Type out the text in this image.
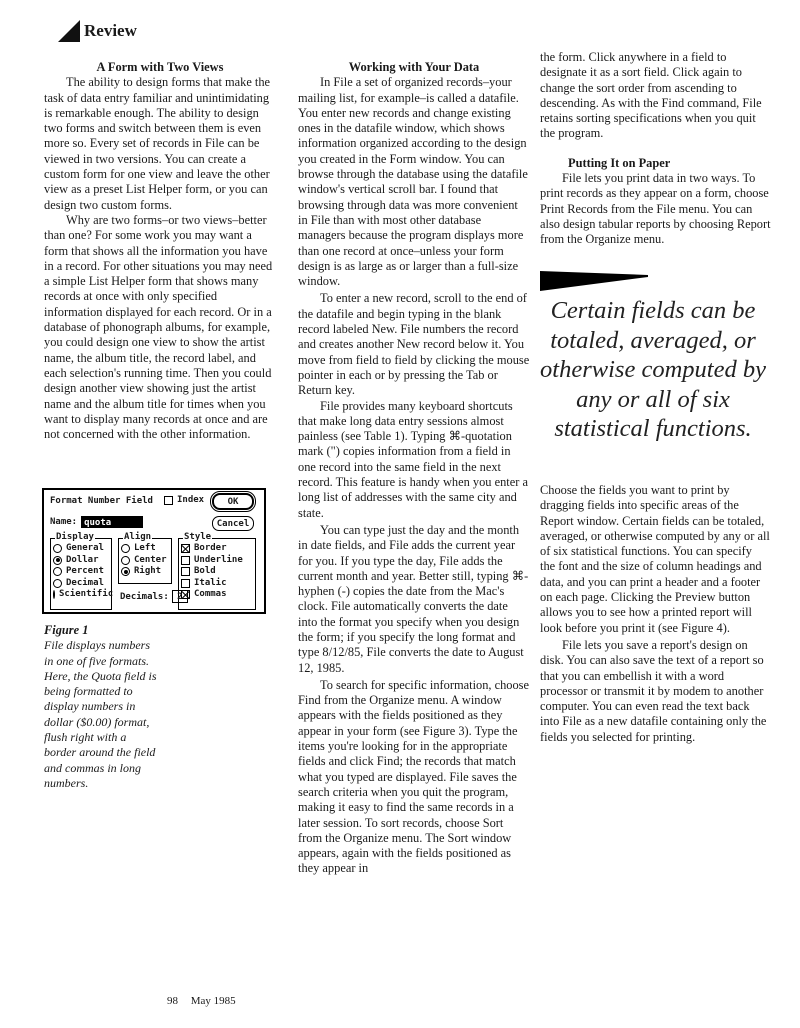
Review
A Form with Two Views

The ability to design forms that make the task of data entry familiar and unintimidating is remarkable enough. The ability to design two forms and switch between them is even more so. Every set of records in File can be viewed in two versions. You can create a custom form for one view and leave the other view as a preset List Helper form, or you can design two custom forms.

Why are two forms–or two views–better than one? For some work you may want a form that shows all the information you have in a record. For other situations you may need a simple List Helper form that shows many records at once with only specified information displayed for each record. Or in a database of phonograph albums, for example, you could design one view to show the artist name, the album title, the record label, and each selection's running time. Then you could design another view showing just the artist name and the album title for times when you want to display many records at once and are not concerned with the other information.

Format Number Field	Index	OK
Cancel
Name: quota
Display
General
Dollar
Percent
Decimal
Scientific
Align
Left
Center
Right
Style
Border
Underline
Bold
Italic
Commas
Decimals: 2
Figure 1
File displays numbers in one of five formats. Here, the Quota field is being formatted to display numbers in dollar ($0.00) format, flush right with a border around the field and commas in long numbers.
Working with Your Data

In File a set of organized records–your mailing list, for example–is called a datafile. You enter new records and change existing ones in the datafile window, which shows information organized according to the design you created in the Form window. You can browse through the database using the datafile window's vertical scroll bar. I found that browsing through data was more convenient in File than with most other database managers because the program displays more than one record at once–unless your form design is as large as or larger than a full-size window.

To enter a new record, scroll to the end of the datafile and begin typing in the blank record labeled New. File numbers the record and creates another New record below it. You move from field to field by clicking the mouse pointer in each or by pressing the Tab or Return key.

File provides many keyboard shortcuts that make long data entry sessions almost painless (see Table 1). Typing ⌘-quotation mark (") copies information from a field in one record into the same field in the next record. This feature is handy when you enter a long list of addresses with the same city and state.

You can type just the day and the month in date fields, and File adds the current year for you. If you type the day, File adds the current month and year. Better still, typing ⌘-hyphen (-) copies the date from the Mac's clock. File automatically converts the date into the format you specify when you design the form; if you specify the long format and type 8/12/85, File converts the date to August 12, 1985.

To search for specific information, choose Find from the Organize menu. A window appears with the fields positioned as they appear in your form (see Figure 3). Type the items you're looking for in the appropriate fields and click Find; the records that match what you typed are displayed. File saves the search criteria when you quit the program, making it easy to find the same records in a later session. To sort records, choose Sort from the Organize menu. The Sort window appears, again with the fields positioned as they appear in

the form. Click anywhere in a field to designate it as a sort field. Click again to change the sort order from ascending to descending. As with the Find command, File retains sorting specifications when you quit the program.

Putting It on Paper

File lets you print data in two ways. To print records as they appear on a form, choose Print Records from the File menu. You can also design tabular reports by choosing Report from the Organize menu.

Certain fields can be totaled, averaged, or otherwise computed by any or all of six statistical functions.

Choose the fields you want to print by dragging fields into specific areas of the Report window. Certain fields can be totaled, averaged, or otherwise computed by any or all of six statistical functions. You can specify the font and the size of column headings and data, and you can print a header and a footer on each page. Clicking the Preview button allows you to see how a printed report will look before you print it (see Figure 4).

File lets you save a report's design on disk. You can also save the text of a report so that you can embellish it with a word processor or transmit it by modem to another computer. You can even read the text back into File as a new datafile containing only the fields you selected for printing.

98 May 1985
